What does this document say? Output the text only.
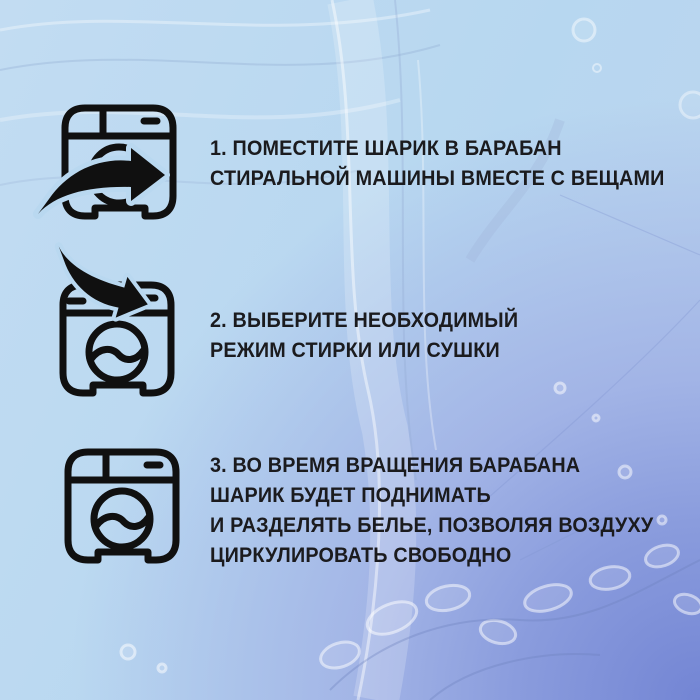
1. ПОМЕСТИТЕ ШАРИК В БАРАБАН
СТИРАЛЬНОЙ МАШИНЫ ВМЕСТЕ С ВЕЩАМИ
2. ВЫБЕРИТЕ НЕОБХОДИМЫЙ
РЕЖИМ СТИРКИ ИЛИ СУШКИ
3. ВО ВРЕМЯ ВРАЩЕНИЯ БАРАБАНА
ШАРИК БУДЕТ ПОДНИМАТЬ
И РАЗДЕЛЯТЬ БЕЛЬЕ, ПОЗВОЛЯЯ ВОЗДУХУ
ЦИРКУЛИРОВАТЬ СВОБОДНО
